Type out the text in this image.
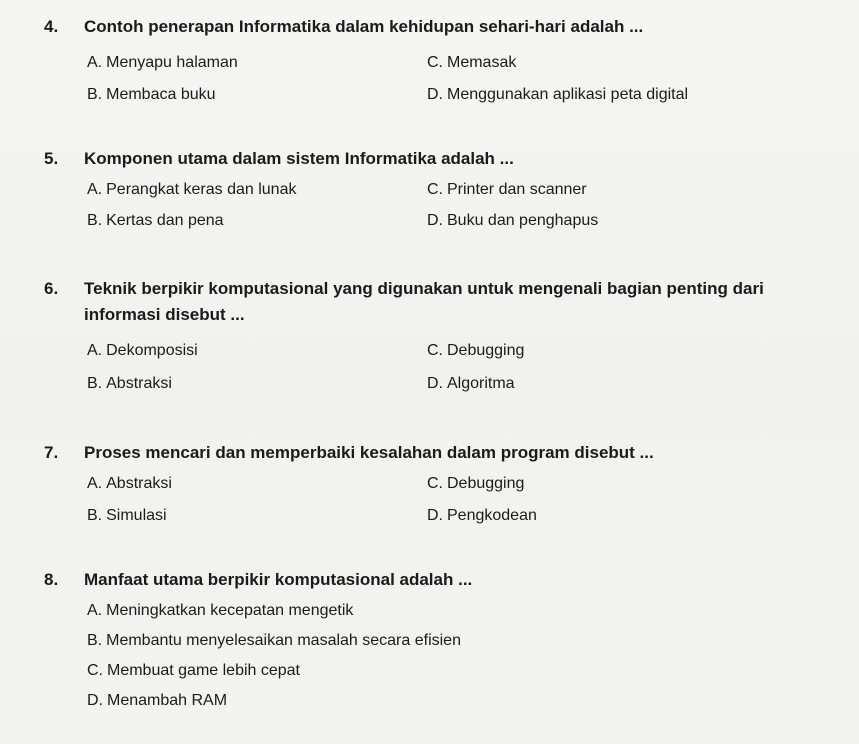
4. Contoh penerapan Informatika dalam kehidupan sehari-hari adalah ...
A. Menyapu halaman	C. Memasak
B. Membaca buku	D. Menggunakan aplikasi peta digital
5. Komponen utama dalam sistem Informatika adalah ...
A. Perangkat keras dan lunak	C. Printer dan scanner
B. Kertas dan pena	D. Buku dan penghapus
6. Teknik berpikir komputasional yang digunakan untuk mengenali bagian penting dari informasi disebut ...
A. Dekomposisi	C. Debugging
B. Abstraksi	D. Algoritma
7. Proses mencari dan memperbaiki kesalahan dalam program disebut ...
A. Abstraksi	C. Debugging
B. Simulasi	D. Pengkodean
8. Manfaat utama berpikir komputasional adalah ...
A. Meningkatkan kecepatan mengetik
B. Membantu menyelesaikan masalah secara efisien
C. Membuat game lebih cepat
D. Menambah RAM
